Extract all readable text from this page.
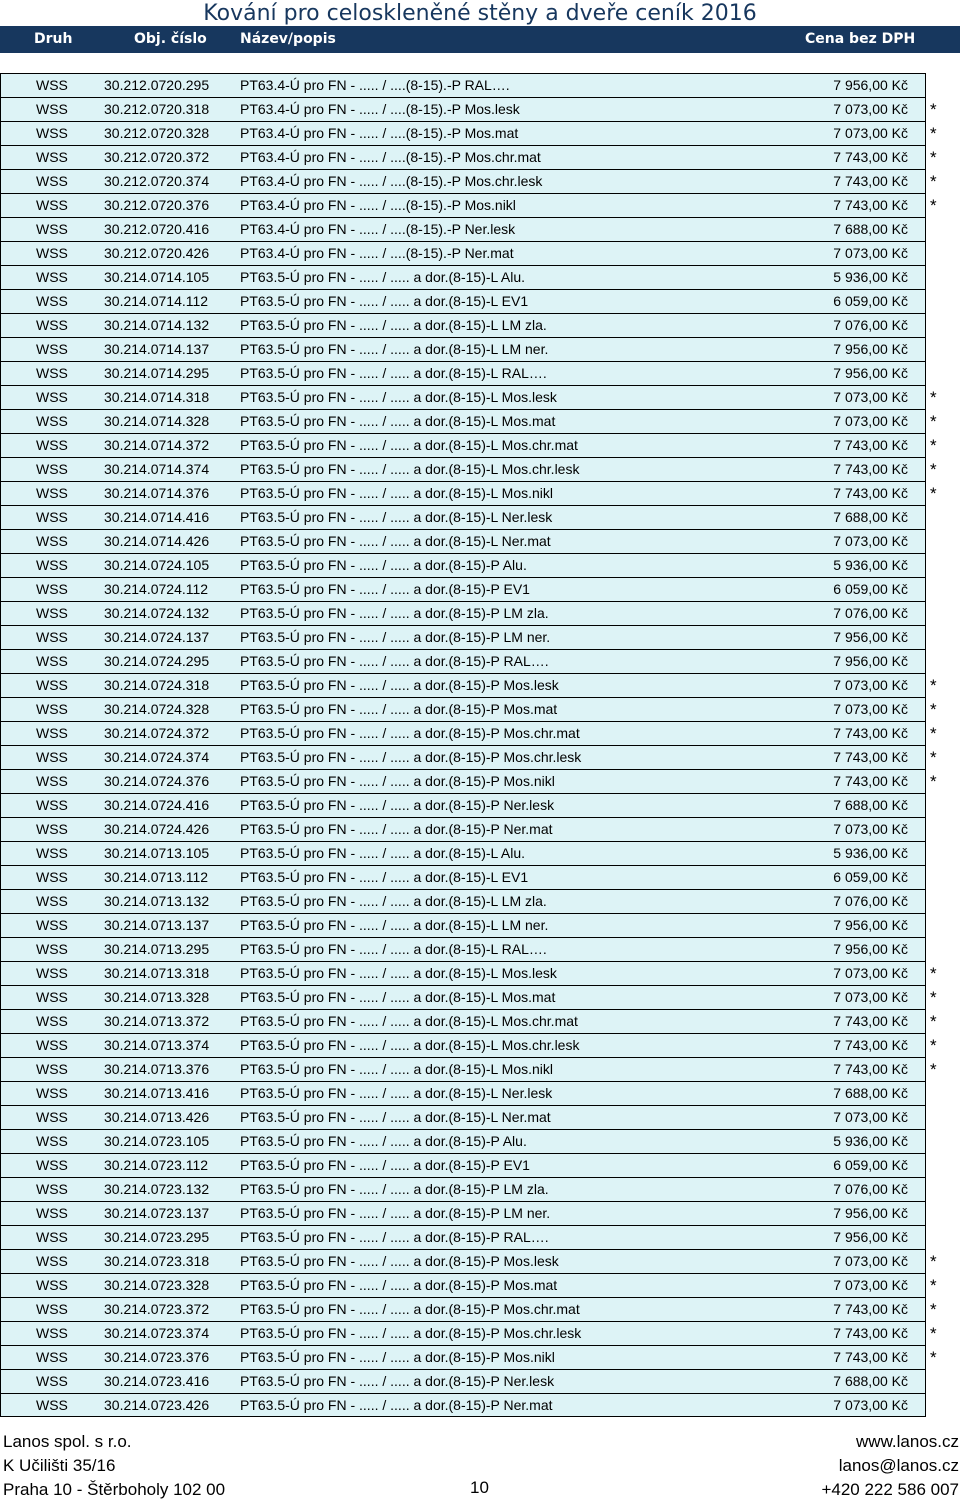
Kování pro celoskleněné stěny a dveře ceník 2016
Druh	Obj. číslo Název/popis	Cena bez DPH
WSS	30.212.0720.295 PT63.4-Ú pro FN - ..... / ....(8-15).-P RAL….	7 956,00 Kč
WSS	30.212.0720.318 PT63.4-Ú pro FN - ..... / ....(8-15).-P Mos.lesk	7 073,00 Kč *
WSS	30.212.0720.328 PT63.4-Ú pro FN - ..... / ....(8-15).-P Mos.mat	7 073,00 Kč *
WSS	30.212.0720.372 PT63.4-Ú pro FN - ..... / ....(8-15).-P Mos.chr.mat	7 743,00 Kč *
WSS	30.212.0720.374 PT63.4-Ú pro FN - ..... / ....(8-15).-P Mos.chr.lesk	7 743,00 Kč *
WSS	30.212.0720.376 PT63.4-Ú pro FN - ..... / ....(8-15).-P Mos.nikl	7 743,00 Kč *
WSS	30.212.0720.416 PT63.4-Ú pro FN - ..... / ....(8-15).-P Ner.lesk	7 688,00 Kč
WSS	30.212.0720.426 PT63.4-Ú pro FN - ..... / ....(8-15).-P Ner.mat	7 073,00 Kč
WSS	30.214.0714.105 PT63.5-Ú pro FN - ..... / ..... a dor.(8-15)-L Alu.	5 936,00 Kč
WSS	30.214.0714.112 PT63.5-Ú pro FN - ..... / ..... a dor.(8-15)-L EV1	6 059,00 Kč
WSS	30.214.0714.132 PT63.5-Ú pro FN - ..... / ..... a dor.(8-15)-L LM zla.	7 076,00 Kč
WSS	30.214.0714.137 PT63.5-Ú pro FN - ..... / ..... a dor.(8-15)-L LM ner.	7 956,00 Kč
WSS	30.214.0714.295 PT63.5-Ú pro FN - ..... / ..... a dor.(8-15)-L RAL….	7 956,00 Kč
WSS	30.214.0714.318 PT63.5-Ú pro FN - ..... / ..... a dor.(8-15)-L Mos.lesk	7 073,00 Kč *
WSS	30.214.0714.328 PT63.5-Ú pro FN - ..... / ..... a dor.(8-15)-L Mos.mat	7 073,00 Kč *
WSS	30.214.0714.372 PT63.5-Ú pro FN - ..... / ..... a dor.(8-15)-L Mos.chr.mat	7 743,00 Kč *
WSS	30.214.0714.374 PT63.5-Ú pro FN - ..... / ..... a dor.(8-15)-L Mos.chr.lesk	7 743,00 Kč *
WSS	30.214.0714.376 PT63.5-Ú pro FN - ..... / ..... a dor.(8-15)-L Mos.nikl	7 743,00 Kč *
WSS	30.214.0714.416 PT63.5-Ú pro FN - ..... / ..... a dor.(8-15)-L Ner.lesk	7 688,00 Kč
WSS	30.214.0714.426 PT63.5-Ú pro FN - ..... / ..... a dor.(8-15)-L Ner.mat	7 073,00 Kč
WSS	30.214.0724.105 PT63.5-Ú pro FN - ..... / ..... a dor.(8-15)-P Alu.	5 936,00 Kč
WSS	30.214.0724.112 PT63.5-Ú pro FN - ..... / ..... a dor.(8-15)-P EV1	6 059,00 Kč
WSS	30.214.0724.132 PT63.5-Ú pro FN - ..... / ..... a dor.(8-15)-P LM zla.	7 076,00 Kč
WSS	30.214.0724.137 PT63.5-Ú pro FN - ..... / ..... a dor.(8-15)-P LM ner.	7 956,00 Kč
WSS	30.214.0724.295 PT63.5-Ú pro FN - ..... / ..... a dor.(8-15)-P RAL….	7 956,00 Kč
WSS	30.214.0724.318 PT63.5-Ú pro FN - ..... / ..... a dor.(8-15)-P Mos.lesk	7 073,00 Kč *
WSS	30.214.0724.328 PT63.5-Ú pro FN - ..... / ..... a dor.(8-15)-P Mos.mat	7 073,00 Kč *
WSS	30.214.0724.372 PT63.5-Ú pro FN - ..... / ..... a dor.(8-15)-P Mos.chr.mat	7 743,00 Kč *
WSS	30.214.0724.374 PT63.5-Ú pro FN - ..... / ..... a dor.(8-15)-P Mos.chr.lesk	7 743,00 Kč *
WSS	30.214.0724.376 PT63.5-Ú pro FN - ..... / ..... a dor.(8-15)-P Mos.nikl	7 743,00 Kč *
WSS	30.214.0724.416 PT63.5-Ú pro FN - ..... / ..... a dor.(8-15)-P Ner.lesk	7 688,00 Kč
WSS	30.214.0724.426 PT63.5-Ú pro FN - ..... / ..... a dor.(8-15)-P Ner.mat	7 073,00 Kč
WSS	30.214.0713.105 PT63.5-Ú pro FN - ..... / ..... a dor.(8-15)-L Alu.	5 936,00 Kč
WSS	30.214.0713.112 PT63.5-Ú pro FN - ..... / ..... a dor.(8-15)-L EV1	6 059,00 Kč
WSS	30.214.0713.132 PT63.5-Ú pro FN - ..... / ..... a dor.(8-15)-L LM zla.	7 076,00 Kč
WSS	30.214.0713.137 PT63.5-Ú pro FN - ..... / ..... a dor.(8-15)-L LM ner.	7 956,00 Kč
WSS	30.214.0713.295 PT63.5-Ú pro FN - ..... / ..... a dor.(8-15)-L RAL….	7 956,00 Kč
WSS	30.214.0713.318 PT63.5-Ú pro FN - ..... / ..... a dor.(8-15)-L Mos.lesk	7 073,00 Kč *
WSS	30.214.0713.328 PT63.5-Ú pro FN - ..... / ..... a dor.(8-15)-L Mos.mat	7 073,00 Kč *
WSS	30.214.0713.372 PT63.5-Ú pro FN - ..... / ..... a dor.(8-15)-L Mos.chr.mat	7 743,00 Kč *
WSS	30.214.0713.374 PT63.5-Ú pro FN - ..... / ..... a dor.(8-15)-L Mos.chr.lesk	7 743,00 Kč *
WSS	30.214.0713.376 PT63.5-Ú pro FN - ..... / ..... a dor.(8-15)-L Mos.nikl	7 743,00 Kč *
WSS	30.214.0713.416 PT63.5-Ú pro FN - ..... / ..... a dor.(8-15)-L Ner.lesk	7 688,00 Kč
WSS	30.214.0713.426 PT63.5-Ú pro FN - ..... / ..... a dor.(8-15)-L Ner.mat	7 073,00 Kč
WSS	30.214.0723.105 PT63.5-Ú pro FN - ..... / ..... a dor.(8-15)-P Alu.	5 936,00 Kč
WSS	30.214.0723.112 PT63.5-Ú pro FN - ..... / ..... a dor.(8-15)-P EV1	6 059,00 Kč
WSS	30.214.0723.132 PT63.5-Ú pro FN - ..... / ..... a dor.(8-15)-P LM zla.	7 076,00 Kč
WSS	30.214.0723.137 PT63.5-Ú pro FN - ..... / ..... a dor.(8-15)-P LM ner.	7 956,00 Kč
WSS	30.214.0723.295 PT63.5-Ú pro FN - ..... / ..... a dor.(8-15)-P RAL….	7 956,00 Kč
WSS	30.214.0723.318 PT63.5-Ú pro FN - ..... / ..... a dor.(8-15)-P Mos.lesk	7 073,00 Kč *
WSS	30.214.0723.328 PT63.5-Ú pro FN - ..... / ..... a dor.(8-15)-P Mos.mat	7 073,00 Kč *
WSS	30.214.0723.372 PT63.5-Ú pro FN - ..... / ..... a dor.(8-15)-P Mos.chr.mat	7 743,00 Kč *
WSS	30.214.0723.374 PT63.5-Ú pro FN - ..... / ..... a dor.(8-15)-P Mos.chr.lesk	7 743,00 Kč *
WSS	30.214.0723.376 PT63.5-Ú pro FN - ..... / ..... a dor.(8-15)-P Mos.nikl	7 743,00 Kč *
WSS	30.214.0723.416 PT63.5-Ú pro FN - ..... / ..... a dor.(8-15)-P Ner.lesk	7 688,00 Kč
WSS	30.214.0723.426 PT63.5-Ú pro FN - ..... / ..... a dor.(8-15)-P Ner.mat	7 073,00 Kč
Lanos spol. s r.o.
K Učilišti 35/16
Praha 10 - Štěrboholy 102 00	10
www.lanos.cz
lanos@lanos.cz
+420 222 586 007
